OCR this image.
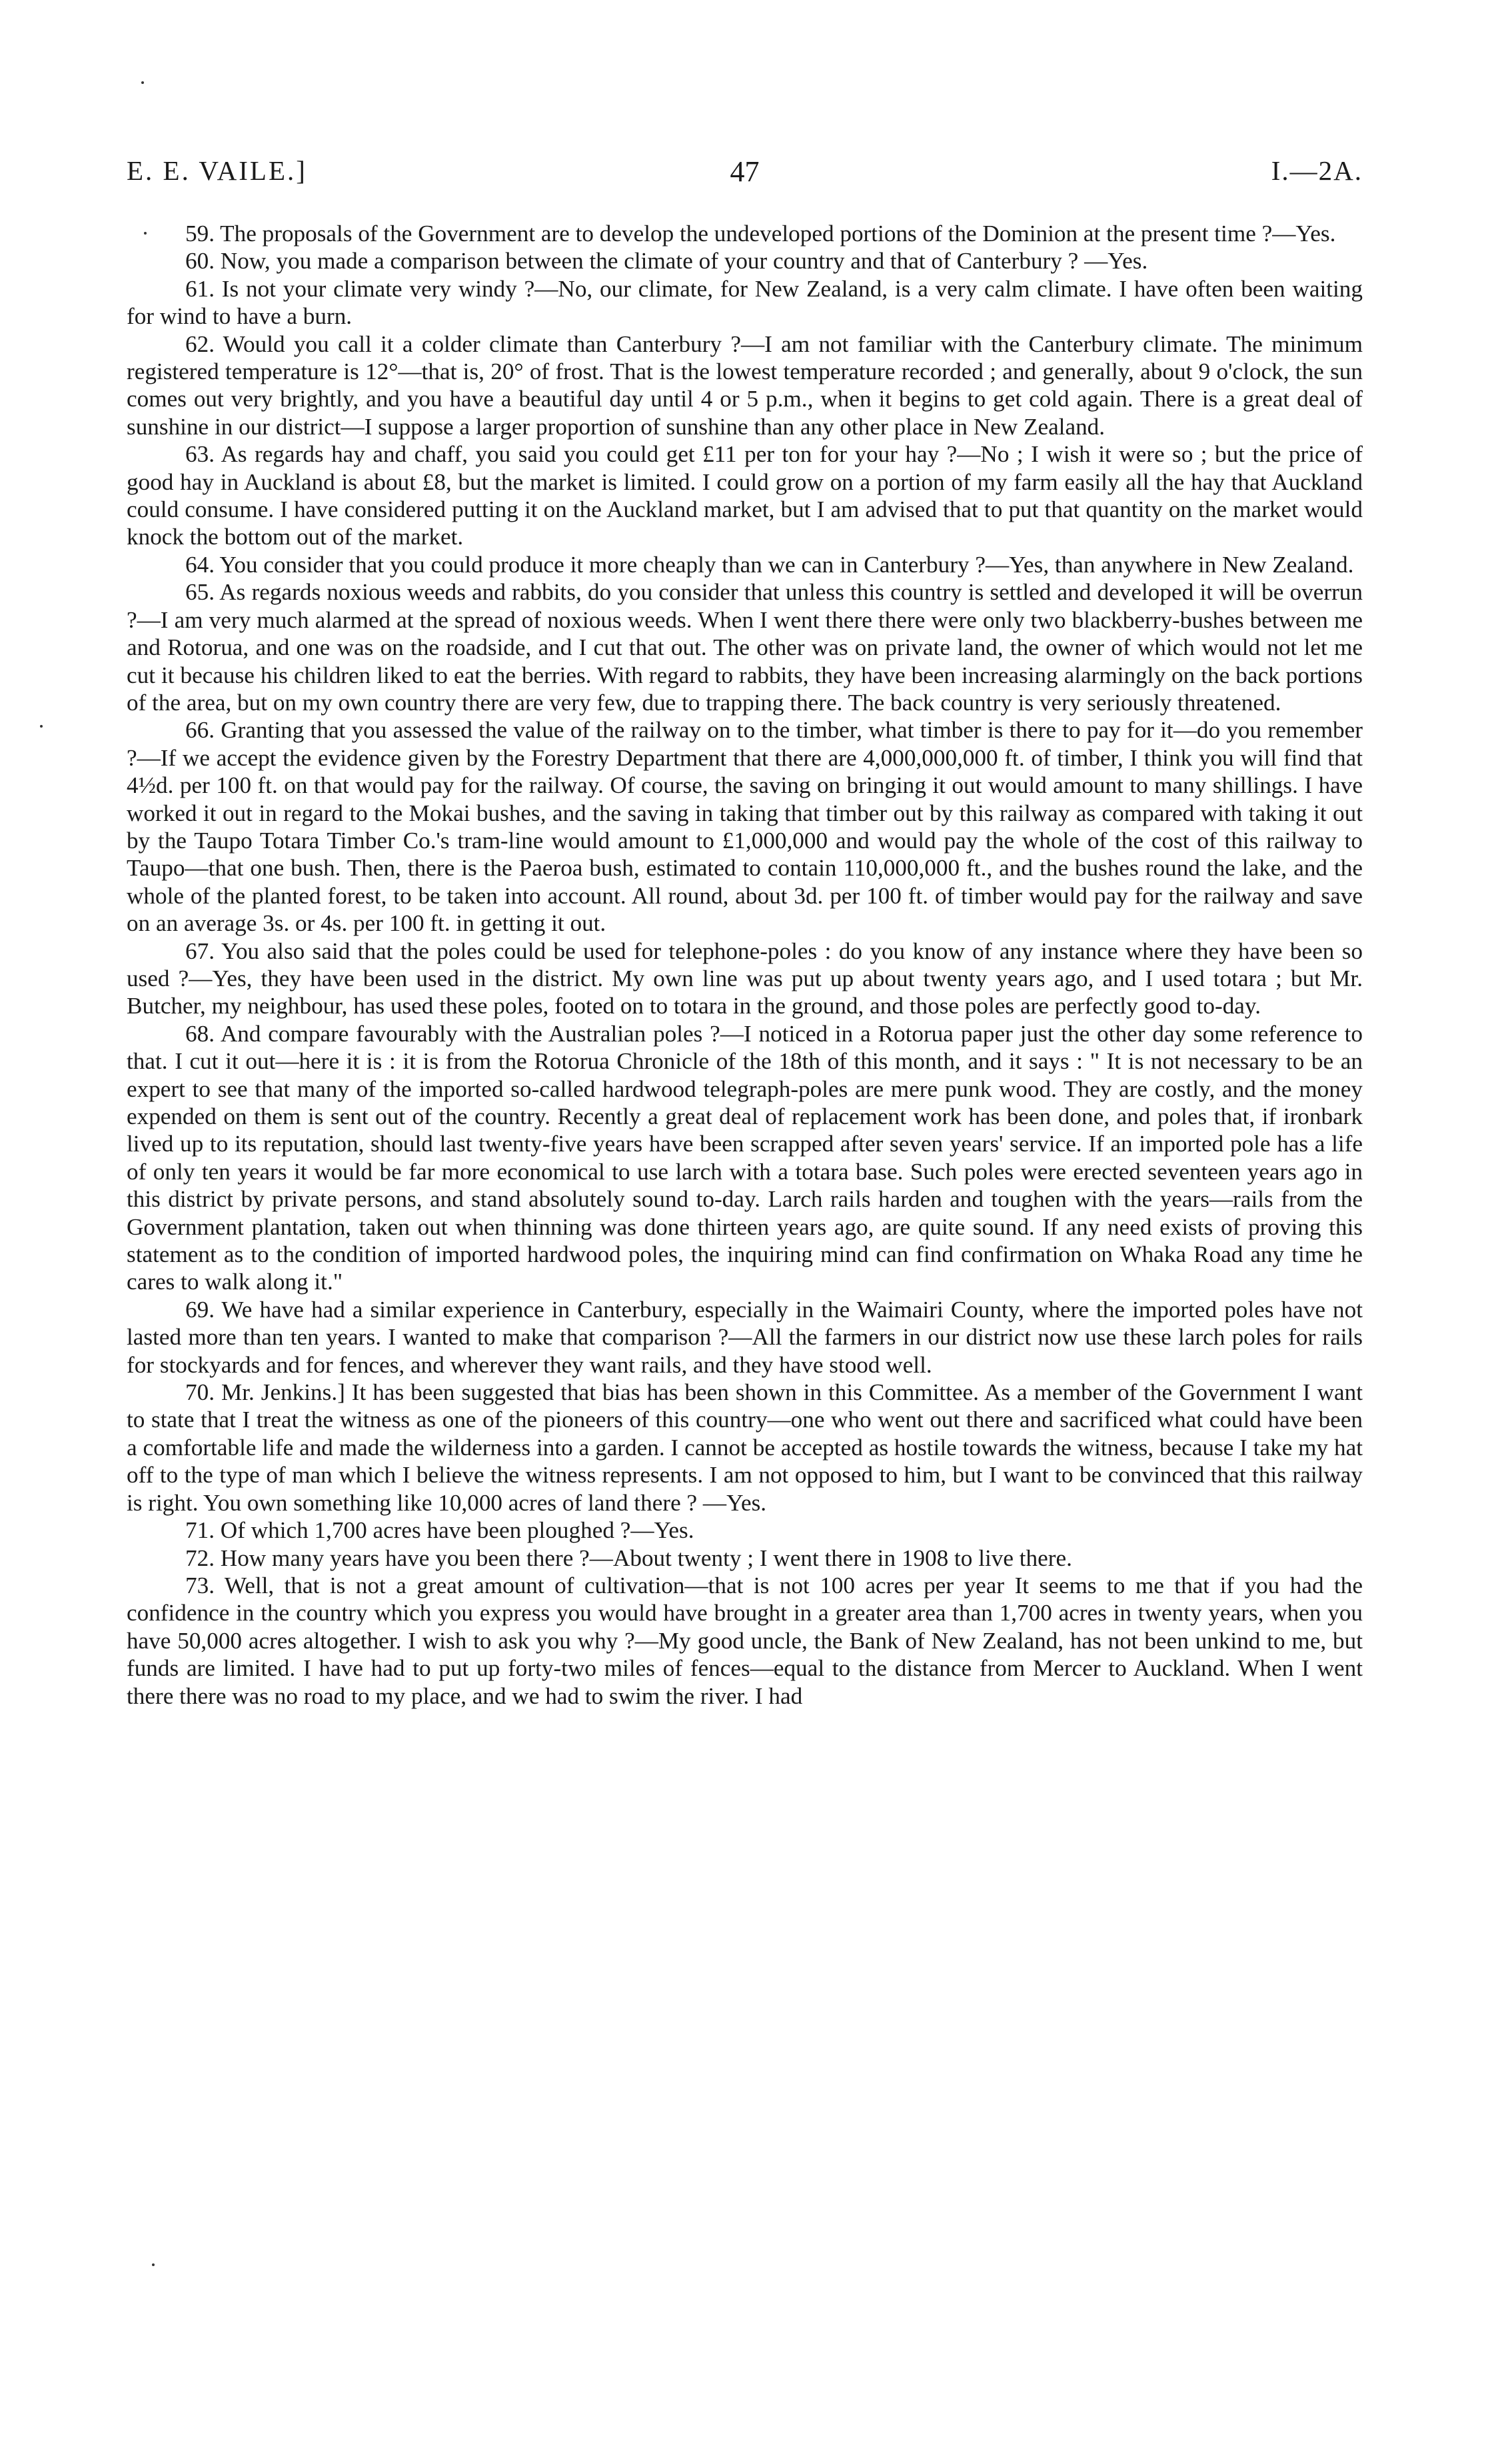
E. E. VAILE.]	47	I.—2A.

59. The proposals of the Government are to develop the undeveloped portions of the Dominion at the present time ?—Yes.

60. Now, you made a comparison between the climate of your country and that of Canterbury ? —Yes.

61. Is not your climate very windy ?—No, our climate, for New Zealand, is a very calm climate. I have often been waiting for wind to have a burn.

62. Would you call it a colder climate than Canterbury ?—I am not familiar with the Canterbury climate. The minimum registered temperature is 12°—that is, 20° of frost. That is the lowest temperature recorded ; and generally, about 9 o'clock, the sun comes out very brightly, and you have a beautiful day until 4 or 5 p.m., when it begins to get cold again. There is a great deal of sunshine in our district—I suppose a larger proportion of sunshine than any other place in New Zealand.

63. As regards hay and chaff, you said you could get £11 per ton for your hay ?—No ; I wish it were so ; but the price of good hay in Auckland is about £8, but the market is limited. I could grow on a portion of my farm easily all the hay that Auckland could consume. I have considered putting it on the Auckland market, but I am advised that to put that quantity on the market would knock the bottom out of the market.

64. You consider that you could produce it more cheaply than we can in Canterbury ?—Yes, than anywhere in New Zealand.

65. As regards noxious weeds and rabbits, do you consider that unless this country is settled and developed it will be overrun ?—I am very much alarmed at the spread of noxious weeds. When I went there there were only two blackberry-bushes between me and Rotorua, and one was on the roadside, and I cut that out. The other was on private land, the owner of which would not let me cut it because his children liked to eat the berries. With regard to rabbits, they have been increasing alarmingly on the back portions of the area, but on my own country there are very few, due to trapping there. The back country is very seriously threatened.

66. Granting that you assessed the value of the railway on to the timber, what timber is there to pay for it—do you remember ?—If we accept the evidence given by the Forestry Department that there are 4,000,000,000 ft. of timber, I think you will find that 4½d. per 100 ft. on that would pay for the railway. Of course, the saving on bringing it out would amount to many shillings. I have worked it out in regard to the Mokai bushes, and the saving in taking that timber out by this railway as compared with taking it out by the Taupo Totara Timber Co.'s tram-line would amount to £1,000,000 and would pay the whole of the cost of this railway to Taupo—that one bush. Then, there is the Paeroa bush, estimated to contain 110,000,000 ft., and the bushes round the lake, and the whole of the planted forest, to be taken into account. All round, about 3d. per 100 ft. of timber would pay for the railway and save on an average 3s. or 4s. per 100 ft. in getting it out.

67. You also said that the poles could be used for telephone-poles : do you know of any instance where they have been so used ?—Yes, they have been used in the district. My own line was put up about twenty years ago, and I used totara ; but Mr. Butcher, my neighbour, has used these poles, footed on to totara in the ground, and those poles are perfectly good to-day.

68. And compare favourably with the Australian poles ?—I noticed in a Rotorua paper just the other day some reference to that. I cut it out—here it is : it is from the Rotorua Chronicle of the 18th of this month, and it says : " It is not necessary to be an expert to see that many of the imported so-called hardwood telegraph-poles are mere punk wood. They are costly, and the money expended on them is sent out of the country. Recently a great deal of replacement work has been done, and poles that, if ironbark lived up to its reputation, should last twenty-five years have been scrapped after seven years' service. If an imported pole has a life of only ten years it would be far more economical to use larch with a totara base. Such poles were erected seventeen years ago in this district by private persons, and stand absolutely sound to-day. Larch rails harden and toughen with the years—rails from the Government plantation, taken out when thinning was done thirteen years ago, are quite sound. If any need exists of proving this statement as to the condition of imported hardwood poles, the inquiring mind can find confirmation on Whaka Road any time he cares to walk along it."

69. We have had a similar experience in Canterbury, especially in the Waimairi County, where the imported poles have not lasted more than ten years. I wanted to make that comparison ?—All the farmers in our district now use these larch poles for rails for stockyards and for fences, and wherever they want rails, and they have stood well.

70. Mr. Jenkins.] It has been suggested that bias has been shown in this Committee. As a member of the Government I want to state that I treat the witness as one of the pioneers of this country—one who went out there and sacrificed what could have been a comfortable life and made the wilderness into a garden. I cannot be accepted as hostile towards the witness, because I take my hat off to the type of man which I believe the witness represents. I am not opposed to him, but I want to be convinced that this railway is right. You own something like 10,000 acres of land there ? —Yes.

71. Of which 1,700 acres have been ploughed ?—Yes.

72. How many years have you been there ?—About twenty ; I went there in 1908 to live there.

73. Well, that is not a great amount of cultivation—that is not 100 acres per year It seems to me that if you had the confidence in the country which you express you would have brought in a greater area than 1,700 acres in twenty years, when you have 50,000 acres altogether. I wish to ask you why ?—My good uncle, the Bank of New Zealand, has not been unkind to me, but funds are limited. I have had to put up forty-two miles of fences—equal to the distance from Mercer to Auckland. When I went there there was no road to my place, and we had to swim the river. I had
